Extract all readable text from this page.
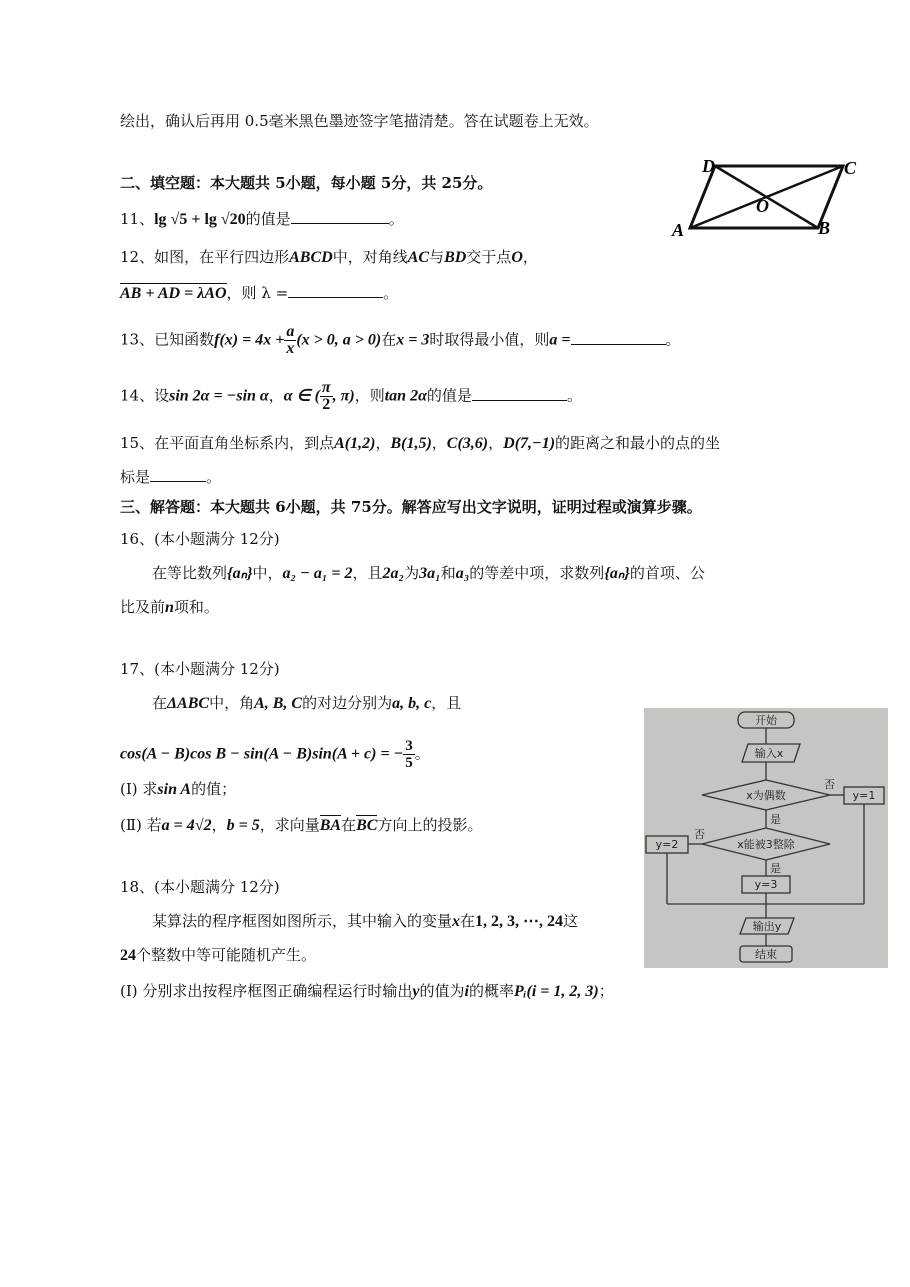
绘出，确认后再用 0.5毫米黑色墨迹签字笔描清楚。答在试题卷上无效。
二、填空题：本大题共 5小题，每小题 5分，共 25分。
11、lg √5 + lg √20的值是	。
12、如图，在平行四边形ABCD中，对角线AC与BD交于点O，
AB + AD = λAO，则 λ =	。
13、已知函数$f(x) = 4x + \frac{a}{x} (x > 0$, a > 0)在x = 3时取得最小值，则a =	。
14、设sin 2α = −sin α，α ∈ ( $\frac{\pi}{2}$ , π)，则tan 2α的值是	。
15、在平面直角坐标系内，到点A(1,2)，B(1,5)，C(3,6)，D(7,−1)的距离之和最小的点的坐
标是	。
三、解答题：本大题共 6小题，共 75分。解答应写出文字说明，证明过程或演算步骤。
16、(本小题满分 12分)
在等比数列{aₙ}中，a₂ − a₁ = 2，且2a₂为3a₁和a₃的等差中项，求数列{aₙ}的首项、公
比及前n项和。
17、(本小题满分 12分)
在ΔABC中，角A, B, C的对边分别为a, b, c，且
cos(A − B)cos B − sin(A − B)sin(A + c) = − $\frac{3}{5}$ 。
(Ⅰ) 求sin A的值；
(Ⅱ) 若a = 4√2，b = 5，求向量BA在BC方向上的投影。
18、(本小题满分 12分)
某算法的程序框图如图所示，其中输入的变量x在1, 2, 3, ⋯, 24这
24个整数中等可能随机产生。
(Ⅰ) 分别求出按程序框图正确编程运行时输出y的值为i的概率Pᵢ(i = 1, 2, 3)；
A	B
C
D
O
开始
输入x
x为偶数
否
y=1
是
x能被3整除
否
y=2
是
y=3
输出y
结束
